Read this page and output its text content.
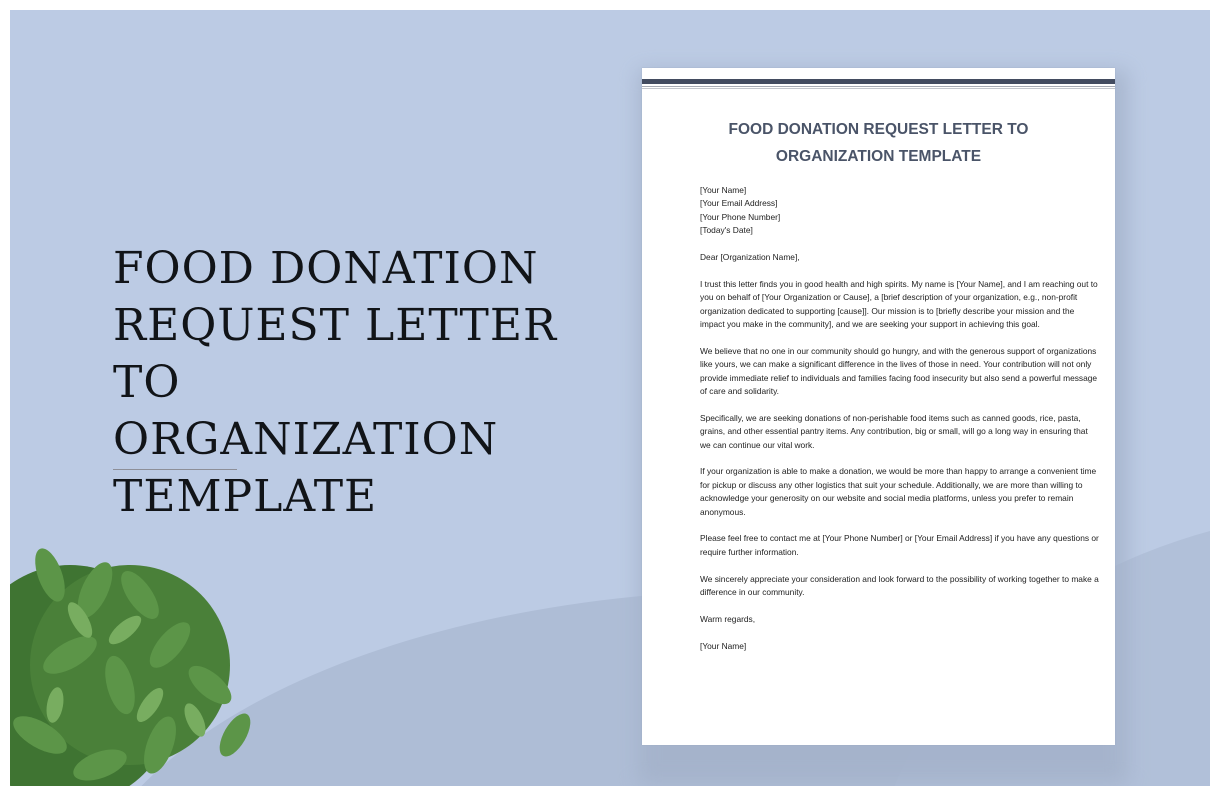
FOOD DONATION
REQUEST LETTER TO
ORGANIZATION
TEMPLATE
FOOD DONATION REQUEST LETTER TO
ORGANIZATION TEMPLATE

[Your Name]
[Your Email Address]
[Your Phone Number]
[Today's Date]

Dear [Organization Name],

I trust this letter finds you in good health and high spirits. My name is [Your Name], and I am reaching out to you on behalf of [Your Organization or Cause], a [brief description of your organization, e.g., non-profit organization dedicated to supporting [cause]]. Our mission is to [briefly describe your mission and the impact you make in the community], and we are seeking your support in achieving this goal.

We believe that no one in our community should go hungry, and with the generous support of organizations like yours, we can make a significant difference in the lives of those in need. Your contribution will not only provide immediate relief to individuals and families facing food insecurity but also send a powerful message of care and solidarity.

Specifically, we are seeking donations of non-perishable food items such as canned goods, rice, pasta, grains, and other essential pantry items. Any contribution, big or small, will go a long way in ensuring that we can continue our vital work.

If your organization is able to make a donation, we would be more than happy to arrange a convenient time for pickup or discuss any other logistics that suit your schedule. Additionally, we are more than willing to acknowledge your generosity on our website and social media platforms, unless you prefer to remain anonymous.

Please feel free to contact me at [Your Phone Number] or [Your Email Address] if you have any questions or require further information.

We sincerely appreciate your consideration and look forward to the possibility of working together to make a difference in our community.

Warm regards,

[Your Name]
